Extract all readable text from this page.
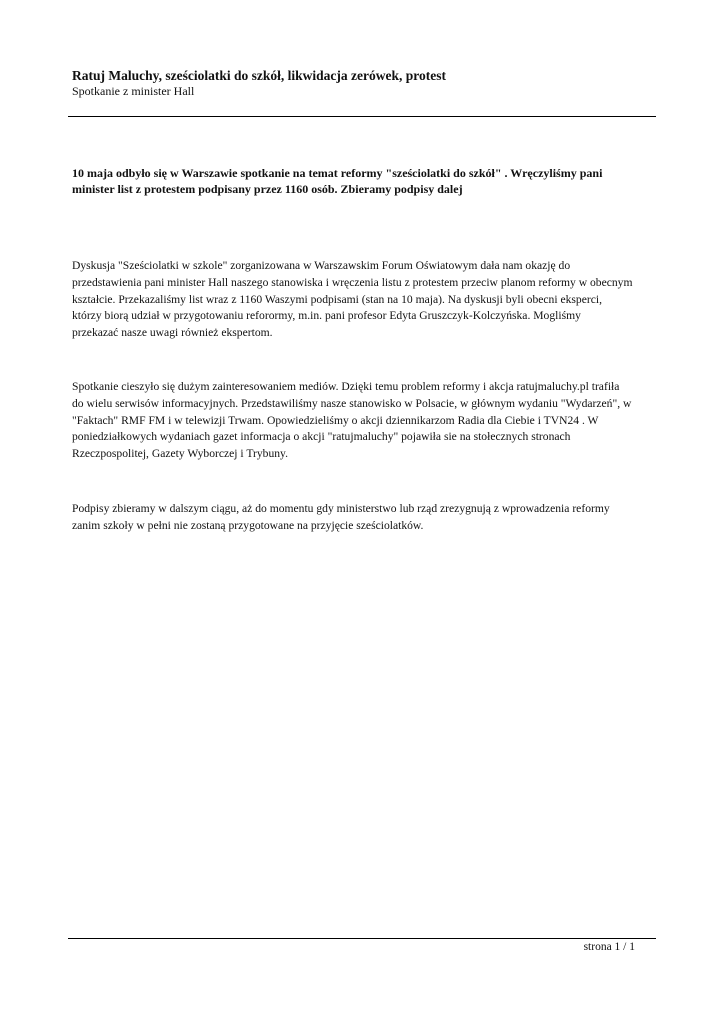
Ratuj Maluchy, sześciolatki do szkół, likwidacja zerówek, protest
Spotkanie z minister Hall
10 maja odbyło się w Warszawie spotkanie na temat reformy "sześciolatki do szkół" . Wręczyliśmy pani
minister list z protestem podpisany przez 1160 osób. Zbieramy podpisy dalej
Dyskusja "Sześciolatki w szkole" zorganizowana w Warszawskim Forum Oświatowym dała nam okazję do
przedstawienia pani minister Hall naszego stanowiska i wręczenia listu z protestem przeciw planom reformy w obecnym
kształcie. Przekazaliśmy list wraz z 1160 Waszymi podpisami (stan na 10 maja). Na dyskusji byli obecni eksperci,
którzy biorą udział w przygotowaniu reforormy, m.in. pani profesor Edyta Gruszczyk-Kolczyńska. Mogliśmy
przekazać nasze uwagi również ekspertom.
Spotkanie cieszyło się dużym zainteresowaniem mediów. Dzięki temu problem reformy i akcja ratujmaluchy.pl trafiła
do wielu serwisów informacyjnych. Przedstawiliśmy nasze stanowisko w Polsacie, w głównym wydaniu "Wydarzeń", w
"Faktach" RMF FM i w telewizji Trwam. Opowiedzieliśmy o akcji dziennikarzom Radia dla Ciebie i TVN24 . W
poniedziałkowych wydaniach gazet informacja o akcji "ratujmaluchy" pojawiła sie na stołecznych stronach
Rzeczpospolitej, Gazety Wyborczej i Trybuny.
Podpisy zbieramy w dalszym ciągu, aż do momentu gdy ministerstwo lub rząd zrezygnują z wprowadzenia reformy
zanim szkoły w pełni nie zostaną przygotowane na przyjęcie sześciolatków.
strona 1 / 1
